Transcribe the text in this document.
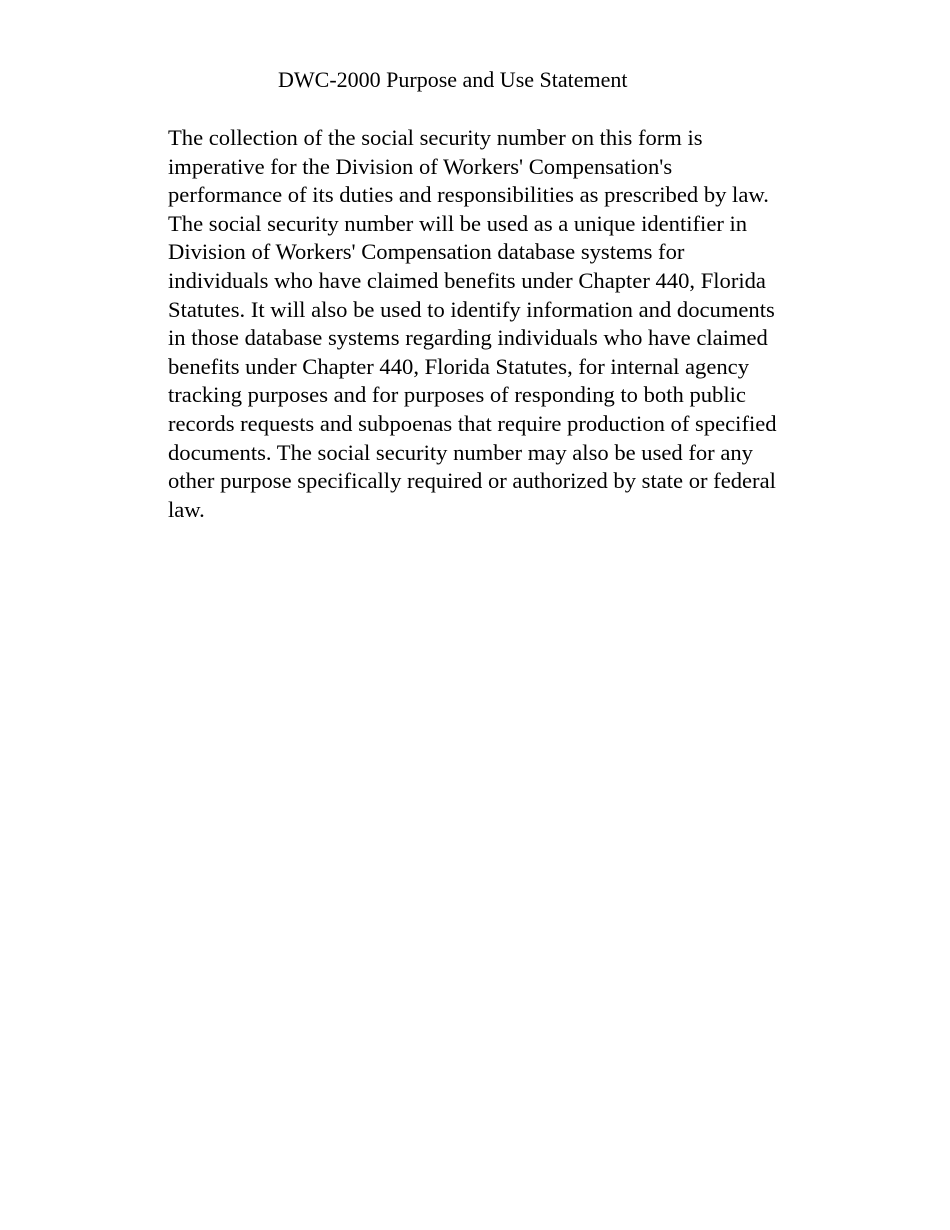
DWC-2000 Purpose and Use Statement

The collection of the social security number on this form is
imperative for the Division of Workers' Compensation's
performance of its duties and responsibilities as prescribed by law.
The social security number will be used as a unique identifier in
Division of Workers' Compensation database systems for
individuals who have claimed benefits under Chapter 440, Florida
Statutes. It will also be used to identify information and documents
in those database systems regarding individuals who have claimed
benefits under Chapter 440, Florida Statutes, for internal agency
tracking purposes and for purposes of responding to both public
records requests and subpoenas that require production of specified
documents. The social security number may also be used for any
other purpose specifically required or authorized by state or federal
law.
